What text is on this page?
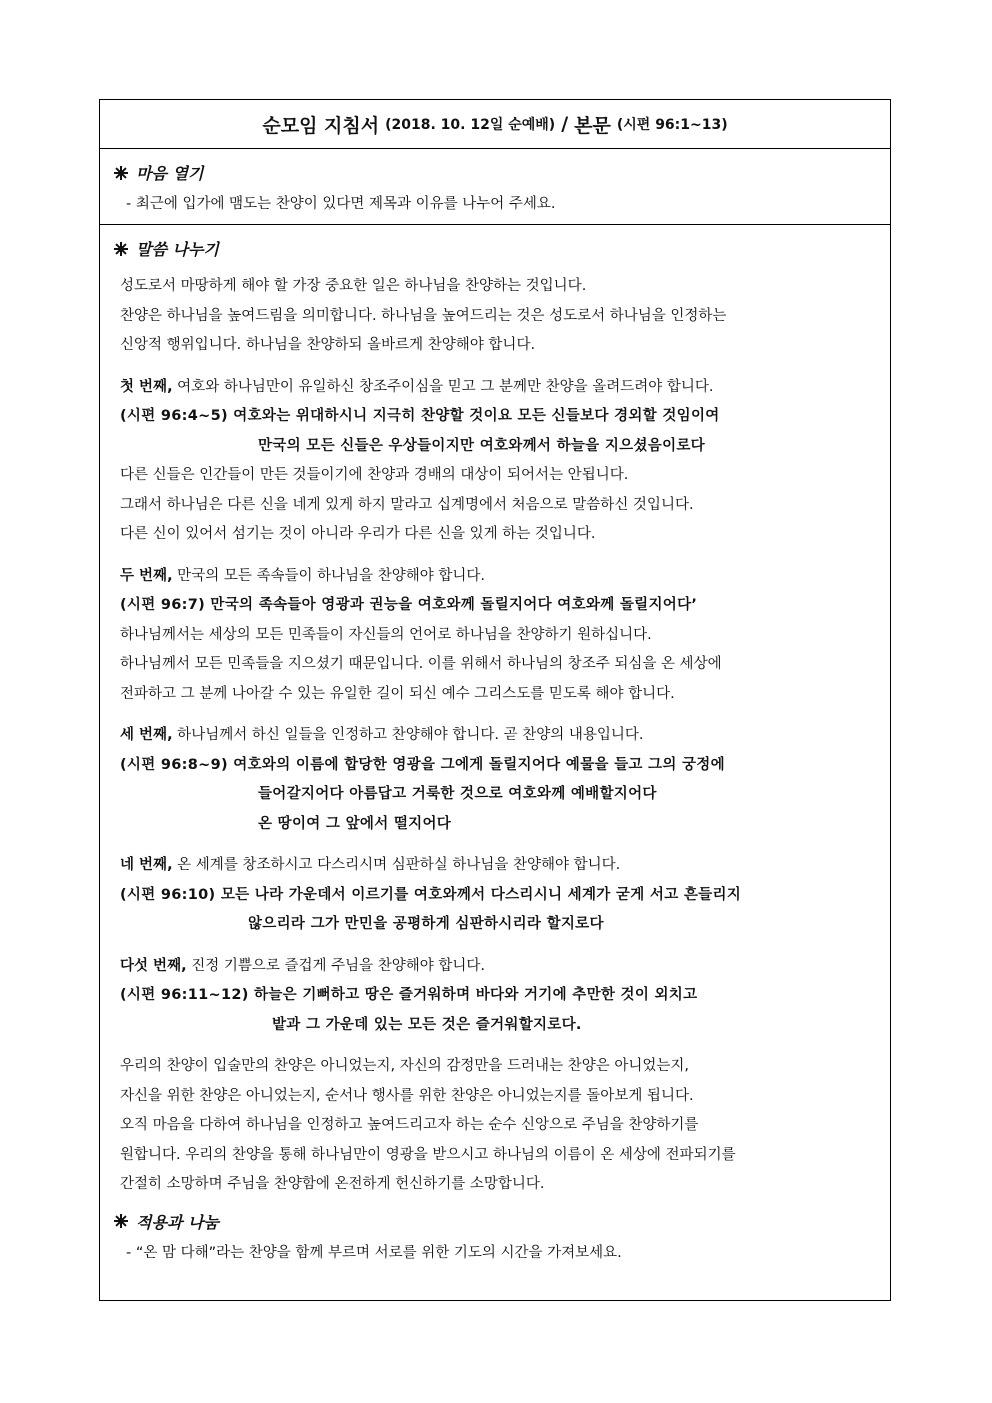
순모임 지침서 (2018. 10. 12일 순예배) / 본문 (시편 96:1~13)
마음 열기
- 최근에 입가에 맴도는 찬양이 있다면 제목과 이유를 나누어 주세요.
말씀 나누기
성도로서 마땅하게 해야 할 가장 중요한 일은 하나님을 찬양하는 것입니다.
찬양은 하나님을 높여드림을 의미합니다. 하나님을 높여드리는 것은 성도로서 하나님을 인정하는
신앙적 행위입니다. 하나님을 찬양하되 올바르게 찬양해야 합니다.
첫 번째, 여호와 하나님만이 유일하신 창조주이심을 믿고 그 분께만 찬양을 올려드려야 합니다.
(시편 96:4~5) 여호와는 위대하시니 지극히 찬양할 것이요 모든 신들보다 경외할 것임이여
만국의 모든 신들은 우상들이지만 여호와께서 하늘을 지으셨음이로다
다른 신들은 인간들이 만든 것들이기에 찬양과 경배의 대상이 되어서는 안됩니다.
그래서 하나님은 다른 신을 네게 있게 하지 말라고 십계명에서 처음으로 말씀하신 것입니다.
다른 신이 있어서 섬기는 것이 아니라 우리가 다른 신을 있게 하는 것입니다.
두 번째, 만국의 모든 족속들이 하나님을 찬양해야 합니다.
(시편 96:7) 만국의 족속들아 영광과 권능을 여호와께 돌릴지어다 여호와께 돌릴지어다’
하나님께서는 세상의 모든 민족들이 자신들의 언어로 하나님을 찬양하기 원하십니다.
하나님께서 모든 민족들을 지으셨기 때문입니다. 이를 위해서 하나님의 창조주 되심을 온 세상에
전파하고 그 분께 나아갈 수 있는 유일한 길이 되신 예수 그리스도를 믿도록 해야 합니다.
세 번째, 하나님께서 하신 일들을 인정하고 찬양해야 합니다. 곧 찬양의 내용입니다.
(시편 96:8~9) 여호와의 이름에 합당한 영광을 그에게 돌릴지어다 예물을 들고 그의 궁정에
들어갈지어다 아름답고 거룩한 것으로 여호와께 예배할지어다
온 땅이여 그 앞에서 떨지어다
네 번째, 온 세계를 창조하시고 다스리시며 심판하실 하나님을 찬양해야 합니다.
(시편 96:10) 모든 나라 가운데서 이르기를 여호와께서 다스리시니 세계가 굳게 서고 흔들리지
않으리라 그가 만민을 공평하게 심판하시리라 할지로다
다섯 번째, 진정 기쁨으로 즐겁게 주님을 찬양해야 합니다.
(시편 96:11~12) 하늘은 기뻐하고 땅은 즐거워하며 바다와 거기에 추만한 것이 외치고
밭과 그 가운데 있는 모든 것은 즐거워할지로다.
우리의 찬양이 입술만의 찬양은 아니었는지, 자신의 감정만을 드러내는 찬양은 아니었는지,
자신을 위한 찬양은 아니었는지, 순서나 행사를 위한 찬양은 아니었는지를 돌아보게 됩니다.
오직 마음을 다하여 하나님을 인정하고 높여드리고자 하는 순수 신앙으로 주님을 찬양하기를
원합니다. 우리의 찬양을 통해 하나님만이 영광을 받으시고 하나님의 이름이 온 세상에 전파되기를
간절히 소망하며 주님을 찬양함에 온전하게 헌신하기를 소망합니다.
적용과 나눔
- “온 맘 다해”라는 찬양을 함께 부르며 서로를 위한 기도의 시간을 가져보세요.
